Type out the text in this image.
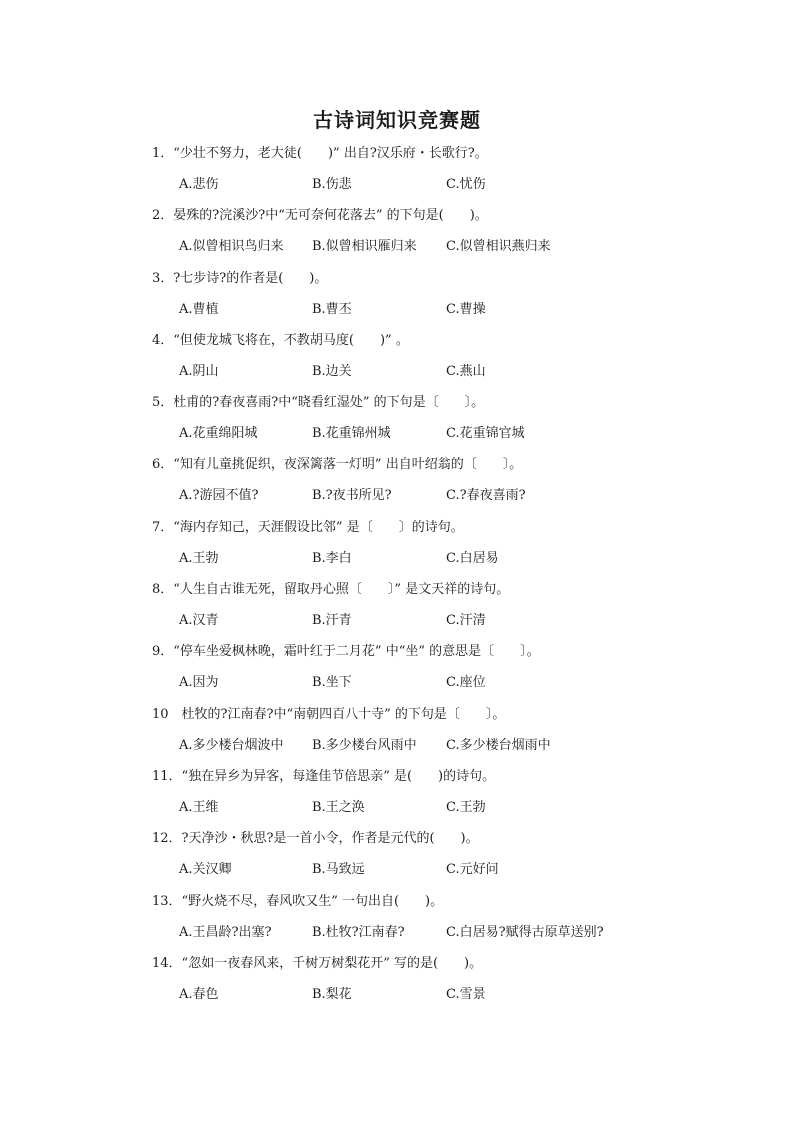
古诗词知识竞赛题
1．“少壮不努力，老大徒(　　)” 出自?汉乐府・长歌行?。
A.悲伤	B.伤悲	C.忧伤
2．晏殊的?浣溪沙?中“无可奈何花落去” 的下句是(　　)。
A.似曾相识鸟归来 B.似曾相识雁归来 C.似曾相识燕归来
3．?七步诗?的作者是(　　)。
A.曹植	B.曹丕	C.曹操
4．“但使龙城飞将在，不教胡马度(　　)” 。
A.阴山	B.边关	C.燕山
5．杜甫的?春夜喜雨?中“晓看红湿处” 的下句是〔　　〕。
A.花重绵阳城	B.花重锦州城	C.花重锦官城
6．“知有儿童挑促织，夜深篱落一灯明” 出自叶绍翁的〔　　〕。
A.?游园不值?	B.?夜书所见?	C.?春夜喜雨?
7．“海内存知己，天涯假设比邻” 是〔　　〕的诗句。
A.王勃	B.李白	C.白居易
8．“人生自古谁无死，留取丹心照〔　　〕” 是文天祥的诗句。
A.汉青	B.汗青	C.汗清
9．“停车坐爱枫林晚，霜叶红于二月花” 中“坐” 的意思是〔　　〕。
A.因为	B.坐下	C.座位
10　杜牧的?江南春?中“南朝四百八十寺” 的下句是〔　　〕。
A.多少楼台烟波中 B.多少楼台风雨中 C.多少楼台烟雨中
11．“独在异乡为异客，每逢佳节倍思亲” 是(　　)的诗句。
A.王维	B.王之涣	C.王勃
12．?天净沙・秋思?是一首小令，作者是元代的(　　)。
A.关汉卿	B.马致远	C.元好问
13．“野火烧不尽，春风吹又生” 一句出自(　　)。
A.王昌龄?出塞?	B.杜牧?江南春?	C.白居易?赋得古原草送别?
14．“忽如一夜春风来，千树万树梨花开” 写的是(　　)。
A.春色	B.梨花	C.雪景
